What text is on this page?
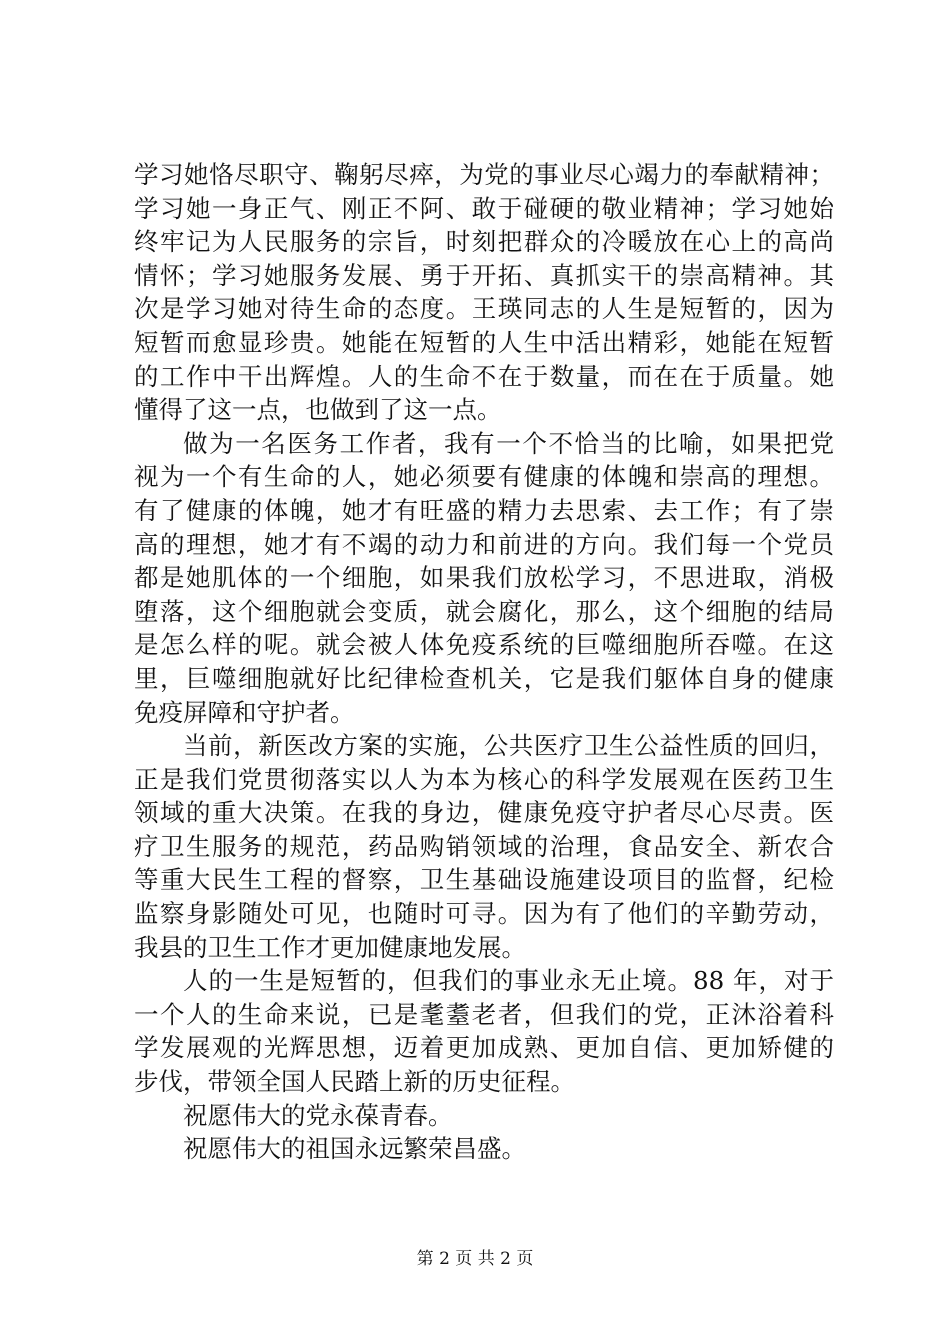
学习她恪尽职守、鞠躬尽瘁，为党的事业尽心竭力的奉献精神；
学习她一身正气、刚正不阿、敢于碰硬的敬业精神；学习她始
终牢记为人民服务的宗旨，时刻把群众的冷暖放在心上的高尚
情怀；学习她服务发展、勇于开拓、真抓实干的崇高精神。其
次是学习她对待生命的态度。王瑛同志的人生是短暂的，因为
短暂而愈显珍贵。她能在短暂的人生中活出精彩，她能在短暂
的工作中干出辉煌。人的生命不在于数量，而在在于质量。她
懂得了这一点，也做到了这一点。
做为一名医务工作者，我有一个不恰当的比喻，如果把党
视为一个有生命的人，她必须要有健康的体魄和崇高的理想。
有了健康的体魄，她才有旺盛的精力去思索、去工作；有了崇
高的理想，她才有不竭的动力和前进的方向。我们每一个党员
都是她肌体的一个细胞，如果我们放松学习，不思进取，消极
堕落，这个细胞就会变质，就会腐化，那么，这个细胞的结局
是怎么样的呢。就会被人体免疫系统的巨噬细胞所吞噬。在这
里，巨噬细胞就好比纪律检查机关，它是我们躯体自身的健康
免疫屏障和守护者。
当前，新医改方案的实施，公共医疗卫生公益性质的回归，
正是我们党贯彻落实以人为本为核心的科学发展观在医药卫生
领域的重大决策。在我的身边，健康免疫守护者尽心尽责。医
疗卫生服务的规范，药品购销领域的治理，食品安全、新农合
等重大民生工程的督察，卫生基础设施建设项目的监督，纪检
监察身影随处可见，也随时可寻。因为有了他们的辛勤劳动，
我县的卫生工作才更加健康地发展。
人的一生是短暂的，但我们的事业永无止境。88 年，对于
一个人的生命来说，已是耄耋老者，但我们的党，正沐浴着科
学发展观的光辉思想，迈着更加成熟、更加自信、更加矫健的
步伐，带领全国人民踏上新的历史征程。
祝愿伟大的党永葆青春。
祝愿伟大的祖国永远繁荣昌盛。
第 2 页 共 2 页
